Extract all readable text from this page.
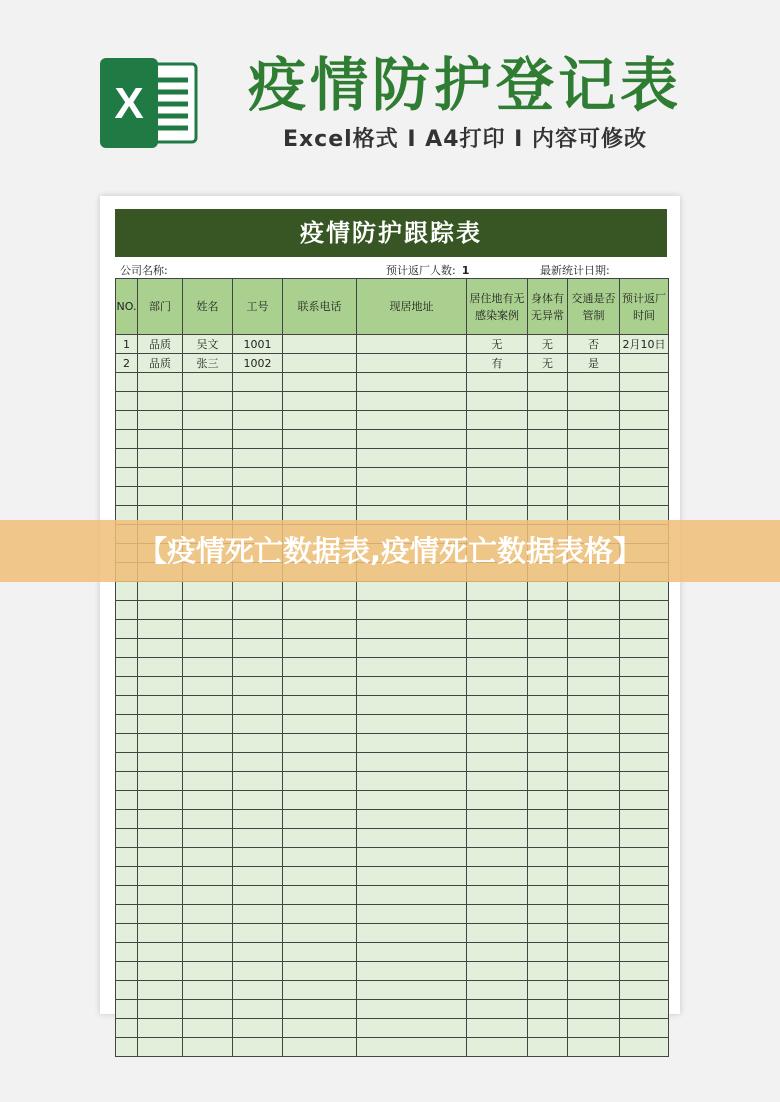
X	疫情防护登记表
Excel格式 I A4打印 I 内容可修改
疫情防护跟踪表
公司名称:	预计返厂人数: 1	最新统计日期:
NO.	部门	姓名	工号	联系电话	现居地址	居住地有无感染案例	身体有无异常	交通是否管制	预计返厂时间
1	品质	吴文	1001			无	无	否	2月10日
2	品质	张三	1002			有	无	是	

【疫情死亡数据表,疫情死亡数据表格】
